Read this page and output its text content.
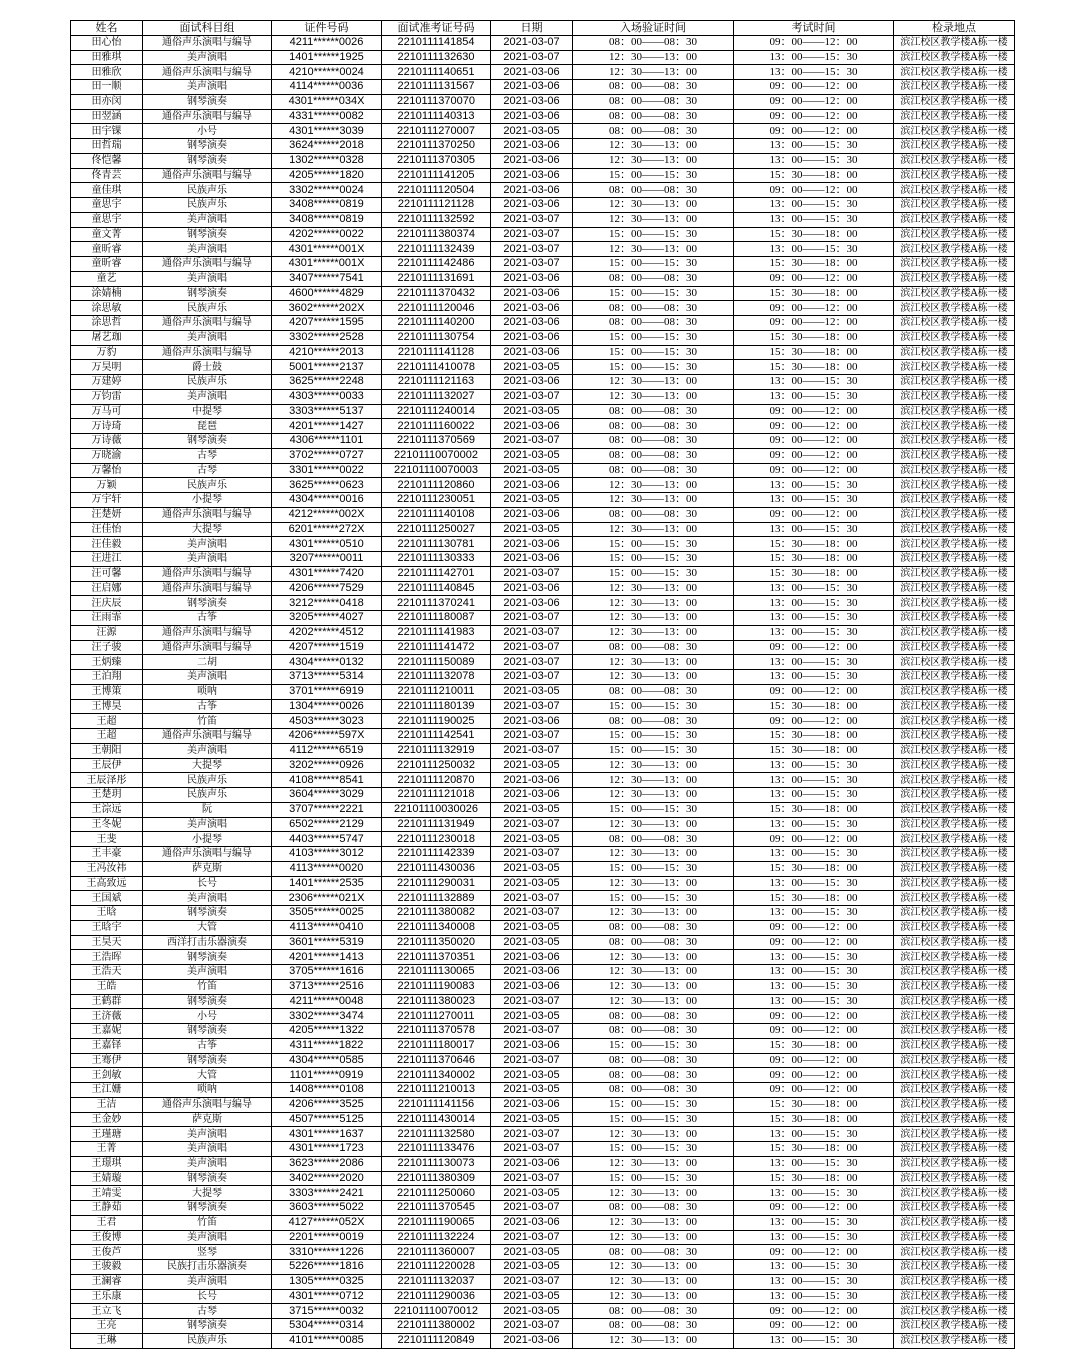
姓名	面试科目组	证件号码	面试准考证号码	日期	入场验证时间	考试时间	检录地点
田心怡	通俗声乐演唱与编导	4211******0026	2210111141854	2021-03-07	08：00——08：30	09：00——12：00	滨江校区教学楼A栋一楼
田雅琪	美声演唱	1401******1925	2210111132630	2021-03-07	12：30——13：00	13：00——15：30	滨江校区教学楼A栋一楼
田雅欣	通俗声乐演唱与编导	4210******0024	2210111140651	2021-03-06	12：30——13：00	13：00——15：30	滨江校区教学楼A栋一楼
田一顺	美声演唱	4114******0036	2210111131567	2021-03-06	08：00——08：30	09：00——12：00	滨江校区教学楼A栋一楼
田亦闵	钢琴演奏	4301******034X	2210111370070	2021-03-06	08：00——08：30	09：00——12：00	滨江校区教学楼A栋一楼
田翌涵	通俗声乐演唱与编导	4331******0082	2210111140313	2021-03-06	08：00——08：30	09：00——12：00	滨江校区教学楼A栋一楼
田宇锞	小号	4301******3039	2210111270007	2021-03-05	08：00——08：30	09：00——12：00	滨江校区教学楼A栋一楼
田哲瑞	钢琴演奏	3624******2018	2210111370250	2021-03-06	12：30——13：00	13：00——15：30	滨江校区教学楼A栋一楼
佟恺馨	钢琴演奏	1302******0328	2210111370305	2021-03-06	12：30——13：00	13：00——15：30	滨江校区教学楼A栋一楼
佟青芸	通俗声乐演唱与编导	4205******1820	2210111141205	2021-03-06	15：00——15：30	15：30——18：00	滨江校区教学楼A栋一楼
童佳琪	民族声乐	3302******0024	2210111120504	2021-03-06	08：00——08：30	09：00——12：00	滨江校区教学楼A栋一楼
童思宇	民族声乐	3408******0819	2210111121128	2021-03-06	12：30——13：00	13：00——15：30	滨江校区教学楼A栋一楼
童思宇	美声演唱	3408******0819	2210111132592	2021-03-07	12：30——13：00	13：00——15：30	滨江校区教学楼A栋一楼
童文菁	钢琴演奏	4202******0022	2210111380374	2021-03-07	15：00——15：30	15：30——18：00	滨江校区教学楼A栋一楼
童昕睿	美声演唱	4301******001X	2210111132439	2021-03-07	12：30——13：00	13：00——15：30	滨江校区教学楼A栋一楼
童昕睿	通俗声乐演唱与编导	4301******001X	2210111142486	2021-03-07	15：00——15：30	15：30——18：00	滨江校区教学楼A栋一楼
童艺	美声演唱	3407******7541	2210111131691	2021-03-06	08：00——08：30	09：00——12：00	滨江校区教学楼A栋一楼
涂婧楠	钢琴演奏	4600******4829	2210111370432	2021-03-06	15：00——15：30	15：30——18：00	滨江校区教学楼A栋一楼
涂思敏	民族声乐	3602******202X	2210111120046	2021-03-06	08：00——08：30	09：00——12：00	滨江校区教学楼A栋一楼
涂思哲	通俗声乐演唱与编导	4207******1595	2210111140200	2021-03-06	08：00——08：30	09：00——12：00	滨江校区教学楼A栋一楼
屠艺珈	美声演唱	3302******2528	2210111130754	2021-03-06	15：00——15：30	15：30——18：00	滨江校区教学楼A栋一楼
万豹	通俗声乐演唱与编导	4210******2013	2210111141128	2021-03-06	15：00——15：30	15：30——18：00	滨江校区教学楼A栋一楼
万昊明	爵士鼓	5001******2137	2210111410078	2021-03-05	15：00——15：30	15：30——18：00	滨江校区教学楼A栋一楼
万建婷	民族声乐	3625******2248	2210111121163	2021-03-06	12：30——13：00	13：00——15：30	滨江校区教学楼A栋一楼
万钧雷	美声演唱	4303******0033	2210111132027	2021-03-07	12：30——13：00	13：00——15：30	滨江校区教学楼A栋一楼
万马可	中提琴	3303******5137	2210111240014	2021-03-05	08：00——08：30	09：00——12：00	滨江校区教学楼A栋一楼
万诗琦	琵琶	4201******1427	2210111160022	2021-03-06	08：00——08：30	09：00——12：00	滨江校区教学楼A栋一楼
万诗薇	钢琴演奏	4306******1101	2210111370569	2021-03-07	08：00——08：30	09：00——12：00	滨江校区教学楼A栋一楼
万晓渝	古琴	3702******0727	22101110070002	2021-03-05	08：00——08：30	09：00——12：00	滨江校区教学楼A栋一楼
万馨怡	古琴	3301******0022	22101110070003	2021-03-05	08：00——08：30	09：00——12：00	滨江校区教学楼A栋一楼
万颖	民族声乐	3625******0623	2210111120860	2021-03-06	12：30——13：00	13：00——15：30	滨江校区教学楼A栋一楼
万宇轩	小提琴	4304******0016	2210111230051	2021-03-05	12：30——13：00	13：00——15：30	滨江校区教学楼A栋一楼
汪楚妍	通俗声乐演唱与编导	4212******002X	2210111140108	2021-03-06	08：00——08：30	09：00——12：00	滨江校区教学楼A栋一楼
汪佳怡	大提琴	6201******272X	2210111250027	2021-03-05	12：30——13：00	13：00——15：30	滨江校区教学楼A栋一楼
汪佳毅	美声演唱	4301******0510	2210111130781	2021-03-06	15：00——15：30	15：30——18：00	滨江校区教学楼A栋一楼
汪进江	美声演唱	3207******0011	2210111130333	2021-03-06	15：00——15：30	15：30——18：00	滨江校区教学楼A栋一楼
汪可馨	通俗声乐演唱与编导	4301******7420	2210111142701	2021-03-07	15：00——15：30	15：30——18：00	滨江校区教学楼A栋一楼
汪启娜	通俗声乐演唱与编导	4206******7529	2210111140845	2021-03-06	12：30——13：00	13：00——15：30	滨江校区教学楼A栋一楼
汪庆辰	钢琴演奏	3212******0418	2210111370241	2021-03-06	12：30——13：00	13：00——15：30	滨江校区教学楼A栋一楼
汪雨霏	古筝	3205******4027	2210111180087	2021-03-07	12：30——13：00	13：00——15：30	滨江校区教学楼A栋一楼
汪源	通俗声乐演唱与编导	4202******4512	2210111141983	2021-03-07	12：30——13：00	13：00——15：30	滨江校区教学楼A栋一楼
汪子骏	通俗声乐演唱与编导	4207******1519	2210111141472	2021-03-07	08：00——08：30	09：00——12：00	滨江校区教学楼A栋一楼
王炳臻	二胡	4304******0132	2210111150089	2021-03-07	12：30——13：00	13：00——15：30	滨江校区教学楼A栋一楼
王泊翔	美声演唱	3713******5314	2210111132078	2021-03-07	12：30——13：00	13：00——15：30	滨江校区教学楼A栋一楼
王博策	唢呐	3701******6919	2210111210011	2021-03-05	08：00——08：30	09：00——12：00	滨江校区教学楼A栋一楼
王博昊	古筝	1304******0026	2210111180139	2021-03-07	15：00——15：30	15：30——18：00	滨江校区教学楼A栋一楼
王超	竹笛	4503******3023	2210111190025	2021-03-06	08：00——08：30	09：00——12：00	滨江校区教学楼A栋一楼
王超	通俗声乐演唱与编导	4206******597X	2210111142541	2021-03-07	15：00——15：30	15：30——18：00	滨江校区教学楼A栋一楼
王朝阳	美声演唱	4112******6519	2210111132919	2021-03-07	15：00——15：30	15：30——18：00	滨江校区教学楼A栋一楼
王辰伊	大提琴	3202******0926	2210111250032	2021-03-05	12：30——13：00	13：00——15：30	滨江校区教学楼A栋一楼
王辰泽彤	民族声乐	4108******8541	2210111120870	2021-03-06	12：30——13：00	13：00——15：30	滨江校区教学楼A栋一楼
王楚玥	民族声乐	3604******3029	2210111121018	2021-03-06	12：30——13：00	13：00——15：30	滨江校区教学楼A栋一楼
王淙远	阮	3707******2221	22101110030026	2021-03-05	15：00——15：30	15：30——18：00	滨江校区教学楼A栋一楼
王冬妮	美声演唱	6502******2129	2210111131949	2021-03-07	12：30——13：00	13：00——15：30	滨江校区教学楼A栋一楼
王斐	小提琴	4403******5747	2210111230018	2021-03-05	08：00——08：30	09：00——12：00	滨江校区教学楼A栋一楼
王丰豪	通俗声乐演唱与编导	4103******3012	2210111142339	2021-03-07	12：30——13：00	13：00——15：30	滨江校区教学楼A栋一楼
王冯汝祎	萨克斯	4113******0020	2210111430036	2021-03-05	15：00——15：30	15：30——18：00	滨江校区教学楼A栋一楼
王高致远	长号	1401******2535	2210111290031	2021-03-05	12：30——13：00	13：00——15：30	滨江校区教学楼A栋一楼
王国斌	美声演唱	2306******021X	2210111132889	2021-03-07	15：00——15：30	15：30——18：00	滨江校区教学楼A栋一楼
王晗	钢琴演奏	3505******0025	2210111380082	2021-03-07	12：30——13：00	13：00——15：30	滨江校区教学楼A栋一楼
王晗宇	大管	4113******0410	2210111340008	2021-03-05	08：00——08：30	09：00——12：00	滨江校区教学楼A栋一楼
王昊天	西洋打击乐器演奏	3601******5319	2210111350020	2021-03-05	08：00——08：30	09：00——12：00	滨江校区教学楼A栋一楼
王浩晖	钢琴演奏	4201******1413	2210111370351	2021-03-06	12：30——13：00	13：00——15：30	滨江校区教学楼A栋一楼
王浩天	美声演唱	3705******1616	2210111130065	2021-03-06	12：30——13：00	13：00——15：30	滨江校区教学楼A栋一楼
王皓	竹笛	3713******2516	2210111190083	2021-03-06	12：30——13：00	13：00——15：30	滨江校区教学楼A栋一楼
王鹤群	钢琴演奏	4211******0048	2210111380023	2021-03-07	12：30——13：00	13：00——15：30	滨江校区教学楼A栋一楼
王济薇	小号	3302******3474	2210111270011	2021-03-05	08：00——08：30	09：00——12：00	滨江校区教学楼A栋一楼
王嘉妮	钢琴演奏	4205******1322	2210111370578	2021-03-07	08：00——08：30	09：00——12：00	滨江校区教学楼A栋一楼
王嘉铎	古筝	4311******1822	2210111180017	2021-03-06	15：00——15：30	15：30——18：00	滨江校区教学楼A栋一楼
王骞伊	钢琴演奏	4304******0585	2210111370646	2021-03-07	08：00——08：30	09：00——12：00	滨江校区教学楼A栋一楼
王剑敏	大管	1101******0919	2210111340002	2021-03-05	08：00——08：30	09：00——12：00	滨江校区教学楼A栋一楼
王江姗	唢呐	1408******0108	2210111210013	2021-03-05	08：00——08：30	09：00——12：00	滨江校区教学楼A栋一楼
王洁	通俗声乐演唱与编导	4206******3525	2210111141156	2021-03-06	15：00——15：30	15：30——18：00	滨江校区教学楼A栋一楼
王金妙	萨克斯	4507******5125	2210111430014	2021-03-05	15：00——15：30	15：30——18：00	滨江校区教学楼A栋一楼
王瑾瑭	美声演唱	4301******1637	2210111132580	2021-03-07	12：30——13：00	13：00——15：30	滨江校区教学楼A栋一楼
王菁	美声演唱	4301******1723	2210111133476	2021-03-07	15：00——15：30	15：30——18：00	滨江校区教学楼A栋一楼
王璟琪	美声演唱	3623******2086	2210111130073	2021-03-06	12：30——13：00	13：00——15：30	滨江校区教学楼A栋一楼
王婧璇	钢琴演奏	3402******2020	2210111380309	2021-03-07	15：00——15：30	15：30——18：00	滨江校区教学楼A栋一楼
王靖雯	大提琴	3303******2421	2210111250060	2021-03-05	12：30——13：00	13：00——15：30	滨江校区教学楼A栋一楼
王静茹	钢琴演奏	3603******5022	2210111370545	2021-03-07	08：00——08：30	09：00——12：00	滨江校区教学楼A栋一楼
王君	竹笛	4127******052X	2210111190065	2021-03-06	12：30——13：00	13：00——15：30	滨江校区教学楼A栋一楼
王俊博	美声演唱	2201******0019	2210111132224	2021-03-07	12：30——13：00	13：00——15：30	滨江校区教学楼A栋一楼
王俊芦	竖琴	3310******1226	2210111360007	2021-03-05	08：00——08：30	09：00——12：00	滨江校区教学楼A栋一楼
王骏毅	民族打击乐器演奏	5226******1816	2210111220028	2021-03-05	12：30——13：00	13：00——15：30	滨江校区教学楼A栋一楼
王澜睿	美声演唱	1305******0325	2210111132037	2021-03-07	12：30——13：00	13：00——15：30	滨江校区教学楼A栋一楼
王乐康	长号	4301******0712	2210111290036	2021-03-05	12：30——13：00	13：00——15：30	滨江校区教学楼A栋一楼
王立飞	古琴	3715******0032	22101110070012	2021-03-05	08：00——08：30	09：00——12：00	滨江校区教学楼A栋一楼
王亮	钢琴演奏	5304******0314	2210111380002	2021-03-07	08：00——08：30	09：00——12：00	滨江校区教学楼A栋一楼
王琳	民族声乐	4101******0085	2210111120849	2021-03-06	12：30——13：00	13：00——15：30	滨江校区教学楼A栋一楼
